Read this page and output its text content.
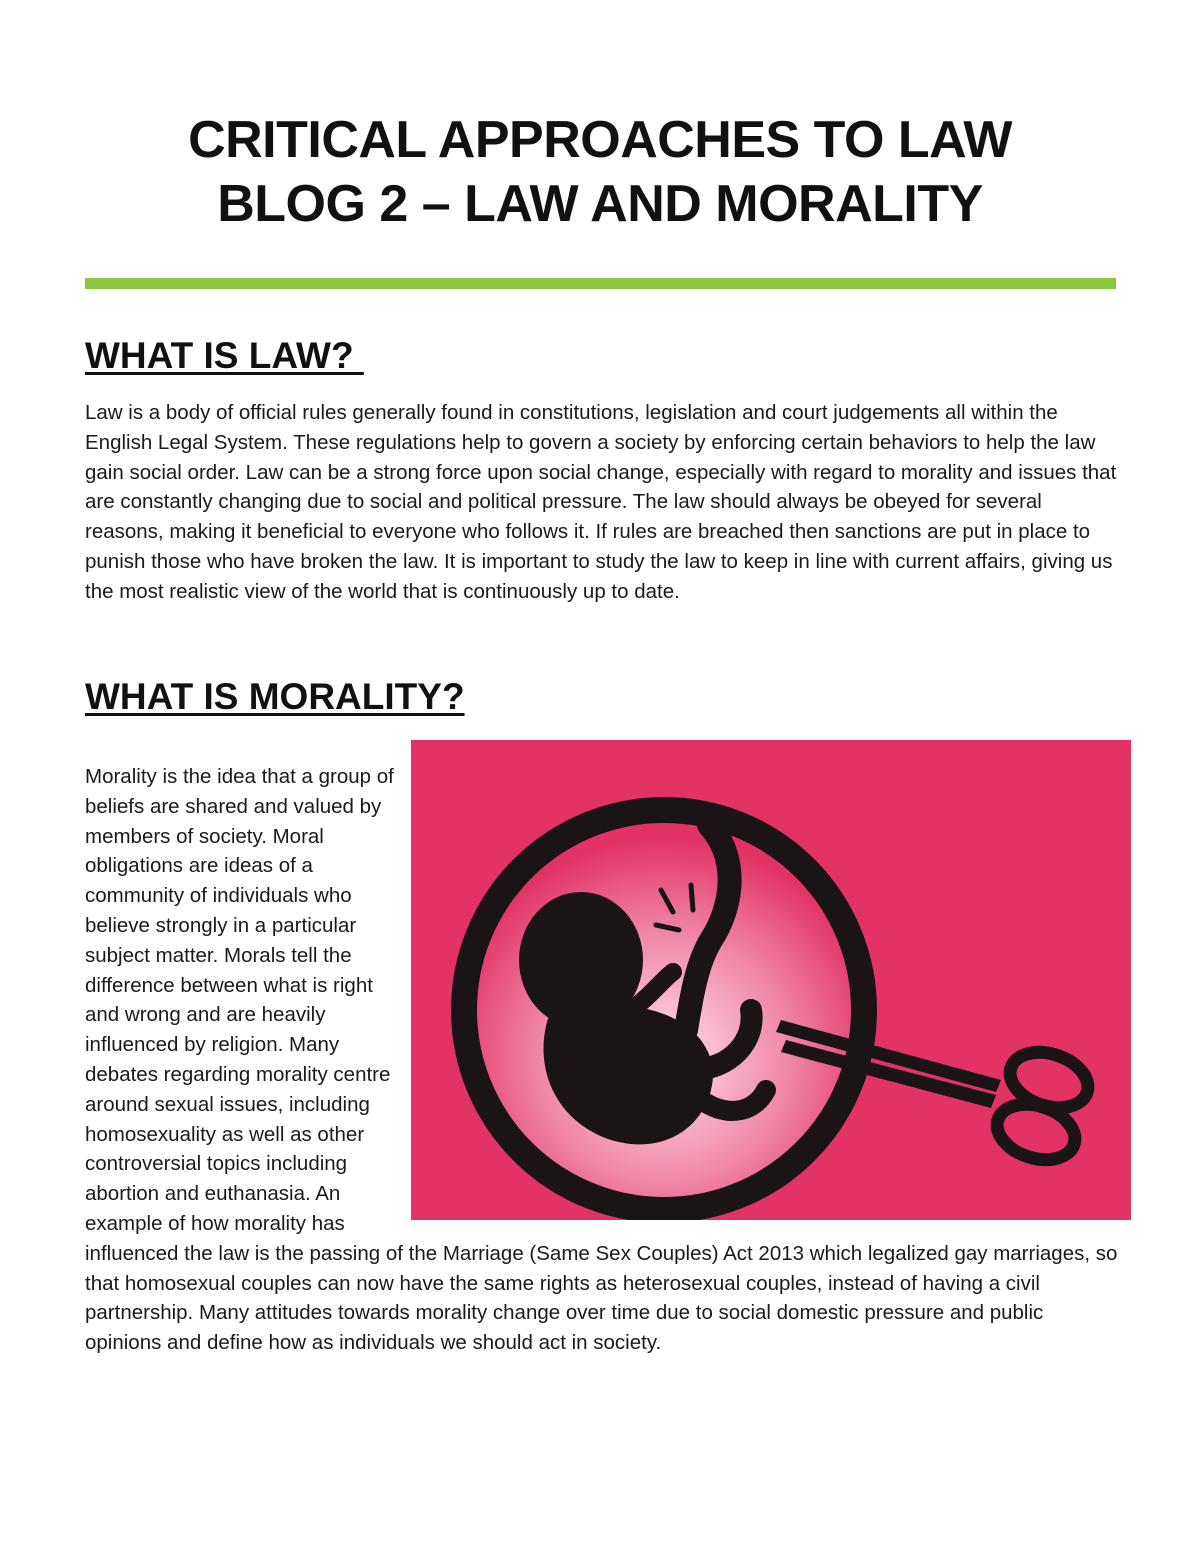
CRITICAL APPROACHES TO LAW
BLOG 2 – LAW AND MORALITY
WHAT IS LAW?
Law is a body of official rules generally found in constitutions, legislation and court judgements all within the English Legal System. These regulations help to govern a society by enforcing certain behaviors to help the law gain social order. Law can be a strong force upon social change, especially with regard to morality and issues that are constantly changing due to social and political pressure. The law should always be obeyed for several reasons, making it beneficial to everyone who follows it. If rules are breached then sanctions are put in place to punish those who have broken the law. It is important to study the law to keep in line with current affairs, giving us the most realistic view of the world that is continuously up to date.
WHAT IS MORALITY?
Morality is the idea that a group of beliefs are shared and valued by members of society. Moral obligations are ideas of a community of individuals who believe strongly in a particular subject matter. Morals tell the difference between what is right and wrong and are heavily influenced by religion. Many debates regarding morality centre around sexual issues, including homosexuality as well as other controversial topics including abortion and euthanasia. An example of how morality has influenced the law is the passing of the Marriage (Same Sex Couples) Act 2013 which legalized gay marriages, so that homosexual couples can now have the same rights as heterosexual couples, instead of having a civil partnership. Many attitudes towards morality change over time due to social domestic pressure and public opinions and define how as individuals we should act in society.
